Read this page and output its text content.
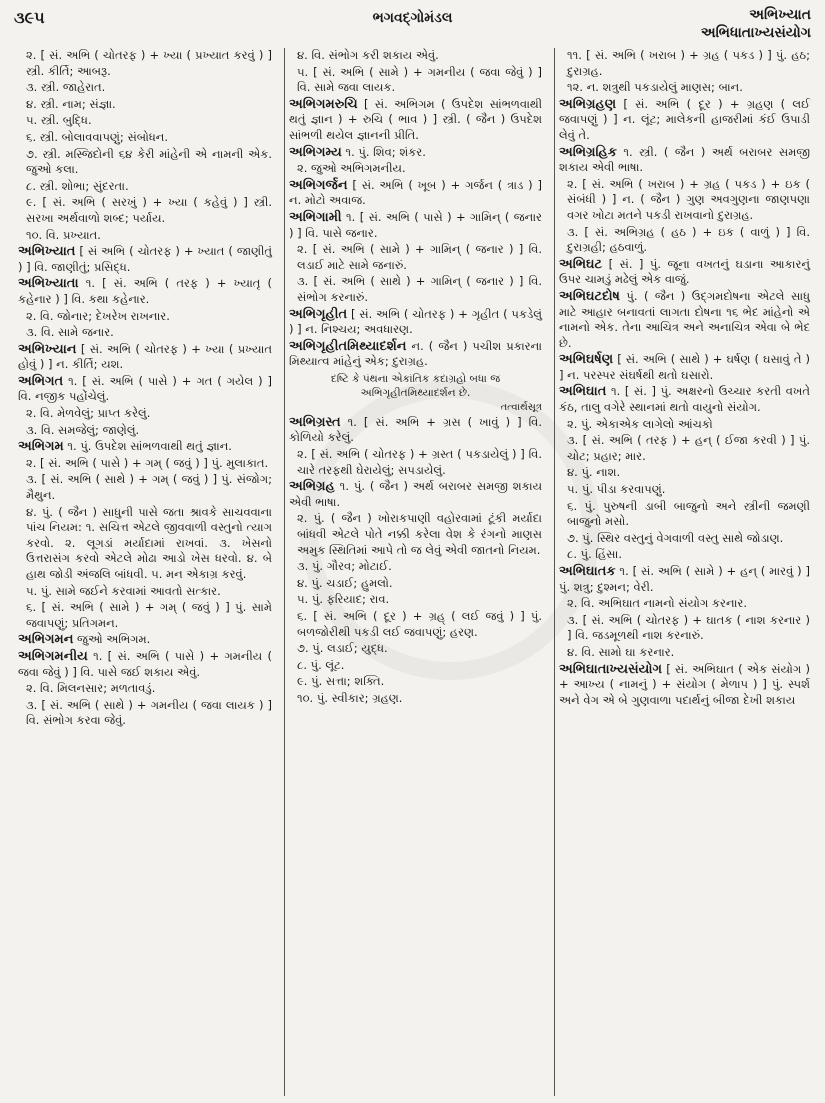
૩૯૫	ભગવદ્‌ગોમંડલ	અભિખ્યાત
અભિધાતાખ્યસંયોગ
૨. [ સં. અભિ ( ચોતરફ ) + ખ્યા ( પ્રખ્યાત કરવું ) ] સ્ત્રી. કીર્તિ; આબરૂ.
૩. સ્ત્રી. જાહેરાત.
૪. સ્ત્રી. નામ; સંજ્ઞા.
૫. સ્ત્રી. બુદ્ધિ.
૬. સ્ત્રી. બોલાવવાપણું; સંબોધન.
૭. સ્ત્રી. મસ્જિદોની ૬૪ કેરી માંહેની એ નામની એક. જુઓ કલા.
૮. સ્ત્રી. શોભા; સુંદરતા.
૯. [ સં. અભિ ( સરખું ) + ખ્યા ( કહેવું ) ] સ્ત્રી. સરખા અર્થવાળો શબ્દ; પર્યાય.
૧૦. વિ. પ્રખ્યાત.
અભિખ્યાત [ સં અભિ ( ચોતરફ ) + ખ્યાત ( જાણીતું ) ] વિ. જાણીતું; પ્રસિદ્ધ.
અભિખ્યાતા ૧. [ સં. અભિ ( તરફ ) + ખ્યાતૃ ( કહેનાર ) ] વિ. કથા કહેનાર.
૨. વિ. જોનાર; દેખરેખ રાખનાર.
૩. વિ. સામે જનાર.
અભિખ્યાન [ સં. અભિ ( ચોતરફ ) + ખ્યા ( પ્રખ્યાત હોવું ) ] ન. કીર્તિ; યશ.
અભિગત ૧. [ સં. અભિ ( પાસે ) + ગત ( ગયેલ ) ] વિ. નજીક પહોંચેલું.
૨. વિ. મેળવેલું; પ્રાપ્ત કરેલું.
૩. વિ. સમજેલું; જાણેલું.
અભિગમ ૧. પું. ઉપદેશ સાંભળવાથી થતું જ્ઞાન.
૨. [ સં. અભિ ( પાસે ) + ગમ્‌ ( જવું ) ] પું. મુલાકાત.
૩. [ સં. અભિ ( સાથે ) + ગમ્‌ ( જવું ) ] પું. સંજોગ; મૈથુન.
૪. પું. ( જૈન ) સાધુની પાસે જતા શ્રાવકે સાચવવાના પાંચ નિયમ: ૧. સચિત્ત એટલે જીવવાળી વસ્તુનો ત્યાગ કરવો. ૨. લૂગડાં મર્યાદામાં રાખવાં. ૩. ખેસનો ઉત્તરાસંગ કરવો એટલે મોઢા આડો ખેસ ધરવો. ૪. બે હાથ જોડી અંજલિ બાંધવી. ૫. મન એકાગ્ર કરવું.
૫. પું. સામે જઈને કરવામાં આવતો સત્કાર.
૬. [ સં. અભિ ( સામે ) + ગમ્‌ ( જવું ) ] પું. સામે જવાપણું; પ્રતિગમન.
અભિગમન જુઓ અભિગમ.
અભિગમનીય ૧. [ સં. અભિ ( પાસે ) + ગમનીય ( જવા જેવું ) ] વિ. પાસે જઈ શકાય એવું.
૨. વિ. મિલનસાર; મળતાવડું.
૩. [ સં. અભિ ( સાથે ) + ગમનીય ( જવા લાયક ) ] વિ. સંભોગ કરવા જેવું.
૪. વિ. સંભોગ કરી શકાય એવું.
૫. [ સં. અભિ ( સામે ) + ગમનીય ( જવા જેવું ) ] વિ. સામે જવા લાયક.
અભિગમરુચિ [ સં. અભિગમ ( ઉપદેશ સાંભળવાથી થતું જ્ઞાન ) + રુચિ ( ભાવ ) ] સ્ત્રી. ( જૈન ) ઉપદેશ સાંભળી થયેલ જ્ઞાનની પ્રીતિ.
અભિગમ્ય ૧. પું. શિવ; શંકર.
૨. જુઓ અભિગમનીય.
અભિગર્જન [ સં. અભિ ( ખૂબ ) + ગર્જન ( ત્રાડ ) ] ન. મોટો અવાજ.
અભિગામી ૧. [ સં. અભિ ( પાસે ) + ગામિન્‌ ( જનાર ) ] વિ. પાસે જનાર.
૨. [ સં. અભિ ( સામે ) + ગામિન્‌ ( જનાર ) ] વિ. લડાઈ માટે સામે જનારું.
૩. [ સં. અભિ ( સાથે ) + ગામિન્‌ ( જનાર ) ] વિ. સંભોગ કરનારું.
અભિગૃહીત [ સં. અભિ ( ચોતરફ ) + ગૃહીત ( પકડેલું ) ] ન. નિશ્ચય; અવધારણ.
અભિગૃહીતમિથ્યાદર્શન ન. ( જૈન ) પચીશ પ્રકારના મિથ્યાત્વ માંહેનું એક; દુરાગ્રહ.
દષ્ટિ કે પંથના એકાંતિક કદાગ્રહો બધા જ અભિગૃહીતમિથ્યાદર્શન છે.
તત્વાર્થસૂત્ર
અભિગ્રસ્ત ૧. [ સં. અભિ + ગ્રસ ( ખાવું ) ] વિ. કોળિયો કરેલું.
૨. [ સં. અભિ ( ચોતરફ ) + ગ્રસ્ત ( પકડાયેલું ) ] વિ. ચારે તરફથી ઘેરાયેલું; સપડાયેલું.
અભિગ્રહ ૧. પું. ( જૈન ) અર્થ બરાબર સમજી શકાય એવી ભાષા.
૨. પું. ( જૈન ) ખોરાકપાણી વહોરવામાં ટૂંકી મર્યાદા બાંધવી એટલે પોતે નક્કી કરેલા વેશ કે રંગનો માણસ અમુક સ્થિતિમાં આપે તો જ લેવું એવી જાતનો નિયમ.
૩. પું. ગૌરવ; મોટાઈ.
૪. પું. ચડાઈ; હુમલો.
૫. પું. ફરિયાદ; રાવ.
૬. [ સં. અભિ ( દૂર ) + ગ્રહ્‌ ( લઈ જવું ) ] પું. બળજોરીથી પકડી લઈ જવાપણું; હરણ.
૭. પું. લડાઈ; યુદ્ધ.
૮. પું. લૂંટ.
૯. પું. સત્તા; શક્તિ.
૧૦. પું. સ્વીકાર; ગ્રહણ.
૧૧. [ સં. અભિ ( ખરાબ ) + ગ્રહ ( પકડ ) ] પું. હઠ; દુરાગ્રહ.
૧૨. ન. શત્રુથી પકડાયેલું માણસ; બાન.
અભિગ્રહણ [ સં. અભિ ( દૂર ) + ગ્રહણ ( લઈ જવાપણું ) ] ન. લૂંટ; માલેકની હાજરીમાં કંઈ ઉપાડી લેવું તે.
અભિગ્રહિક ૧. સ્ત્રી. ( જૈન ) અર્થ બરાબર સમજી શકાય એવી ભાષા.
૨. [ સં. અભિ ( ખરાબ ) + ગ્રહ ( પકડ ) + ઇક ( સંબંધી ) ] ન. ( જૈન ) ગુણ અવગુણના જાણપણા વગર ખોટા મતને પકડી રાખવાનો દુરાગ્રહ.
૩. [ સં. અભિગ્રહ ( હઠ ) + ઇક ( વાળું ) ] વિ. દુરાગ્રહી; હઠવાળું.
અભિઘટ [ સં. ] પું. જૂના વખતનું ઘડાના આકારનું ઉપર ચામડું મઢેલું એક વાજું.
અભિઘટદોષ પું. ( જૈન ) ઉદ્‌ગમદોષના એટલે સાધુ માટે આહાર બનાવતાં લાગતા દોષના ૧૬ ભેદ માંહેનો એ નામનો એક. તેના આચિત્ર અને અનાચિત્ર એવા બે ભેદ છે.
અભિઘર્ષણ [ સં. અભિ ( સાથે ) + ઘર્ષણ ( ઘસાવું તે ) ] ન. પરસ્પર સંઘર્ષથી થતો ઘસારો.
અભિઘાત ૧. [ સં. ] પું. અક્ષરનો ઉચ્ચાર કરતી વખતે કંઠ, તાલુ વગેરે સ્થાનમાં થતો વાયુનો સંયોગ.
૨. પું. એકાએક લાગેલો આંચકો
૩. [ સં. અભિ ( તરફ ) + હન્‌ ( ઈજા કરવી ) ] પું. ચોટ; પ્રહાર; માર.
૪. પું. નાશ.
૫. પું. પીડા કરવાપણું.
૬. પું. પુરુષની ડાબી બાજુનો અને સ્ત્રીની જમણી બાજુનો મસો.
૭. પું. સ્થિર વસ્તુનું વેગવાળી વસ્તુ સાથે જોડાણ.
૮. પું. હિંસા.
અભિઘાતક ૧. [ સં. અભિ ( સામે ) + હન્‌ ( મારવું ) ] પું. શત્રુ; દુશ્મન; વેરી.
૨. વિ. અભિઘાત નામનો સંયોગ કરનાર.
૩. [ સં. અભિ ( ચોતરફ ) + ઘાતક ( નાશ કરનાર ) ] વિ. જડમૂળથી નાશ કરનારું.
૪. વિ. સામો ઘા કરનાર.
અભિઘાતાખ્યસંયોગ [ સં. અભિઘાત ( એક સંયોગ ) + આખ્ય ( નામનું ) + સંયોગ ( મેળાપ ) ] પું. સ્પર્શ અને વેગ એ બે ગુણવાળા પદાર્થનું બીજા દેખી શકાય
